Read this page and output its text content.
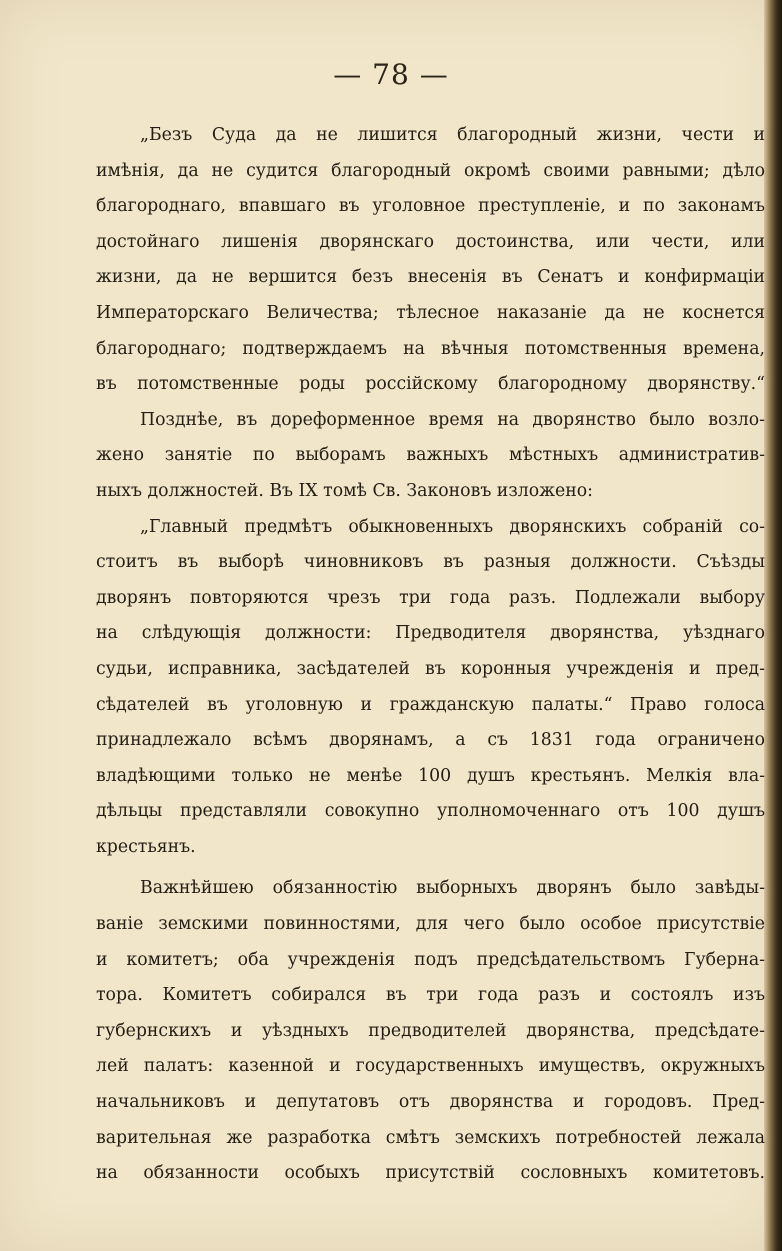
— 78 —
„Безъ Суда да не лишится благородный жизни, чести и
имѣнія, да не судится благородный окромѣ своими равными; дѣло
благороднаго, впавшаго въ уголовное преступленіе, и по законамъ
достойнаго лишенія дворянскаго достоинства, или чести, или
жизни, да не вершится безъ внесенія въ Сенатъ и конфирмаціи
Императорскаго Величества; тѣлесное наказаніе да не коснется
благороднаго; подтверждаемъ на вѣчныя потомственныя времена,
въ потомственные роды россійскому благородному дворянству.“
Позднѣе, въ дореформенное время на дворянство было возло-
жено занятіе по выборамъ важныхъ мѣстныхъ административ-
ныхъ должностей. Въ IX томѣ Св. Законовъ изложено:
„Главный предмѣтъ обыкновенныхъ дворянскихъ собраній со-
стоитъ въ выборѣ чиновниковъ въ разныя должности. Съѣзды
дворянъ повторяются чрезъ три года разъ. Подлежали выбору
на слѣдующія должности: Предводителя дворянства, уѣзднаго
судьи, исправника, засѣдателей въ коронныя учрежденія и пред-
сѣдателей въ уголовную и гражданскую палаты.“ Право голоса
принадлежало всѣмъ дворянамъ, а съ 1831 года ограничено
владѣющими только не менѣе 100 душъ крестьянъ. Мелкія вла-
дѣльцы представляли совокупно уполномоченнаго отъ 100 душъ
крестьянъ.
Важнѣйшею обязанностію выборныхъ дворянъ было завѣды-
ваніе земскими повинностями, для чего было особое присутствіе
и комитетъ; оба учрежденія подъ предсѣдательствомъ Губерна-
тора. Комитетъ собирался въ три года разъ и состоялъ изъ
губернскихъ и уѣздныхъ предводителей дворянства, предсѣдате-
лей палатъ: казенной и государственныхъ имуществъ, окружныхъ
начальниковъ и депутатовъ отъ дворянства и городовъ. Пред-
варительная же разработка смѣтъ земскихъ потребностей лежала
на обязанности особыхъ присутствій сословныхъ комитетовъ.
